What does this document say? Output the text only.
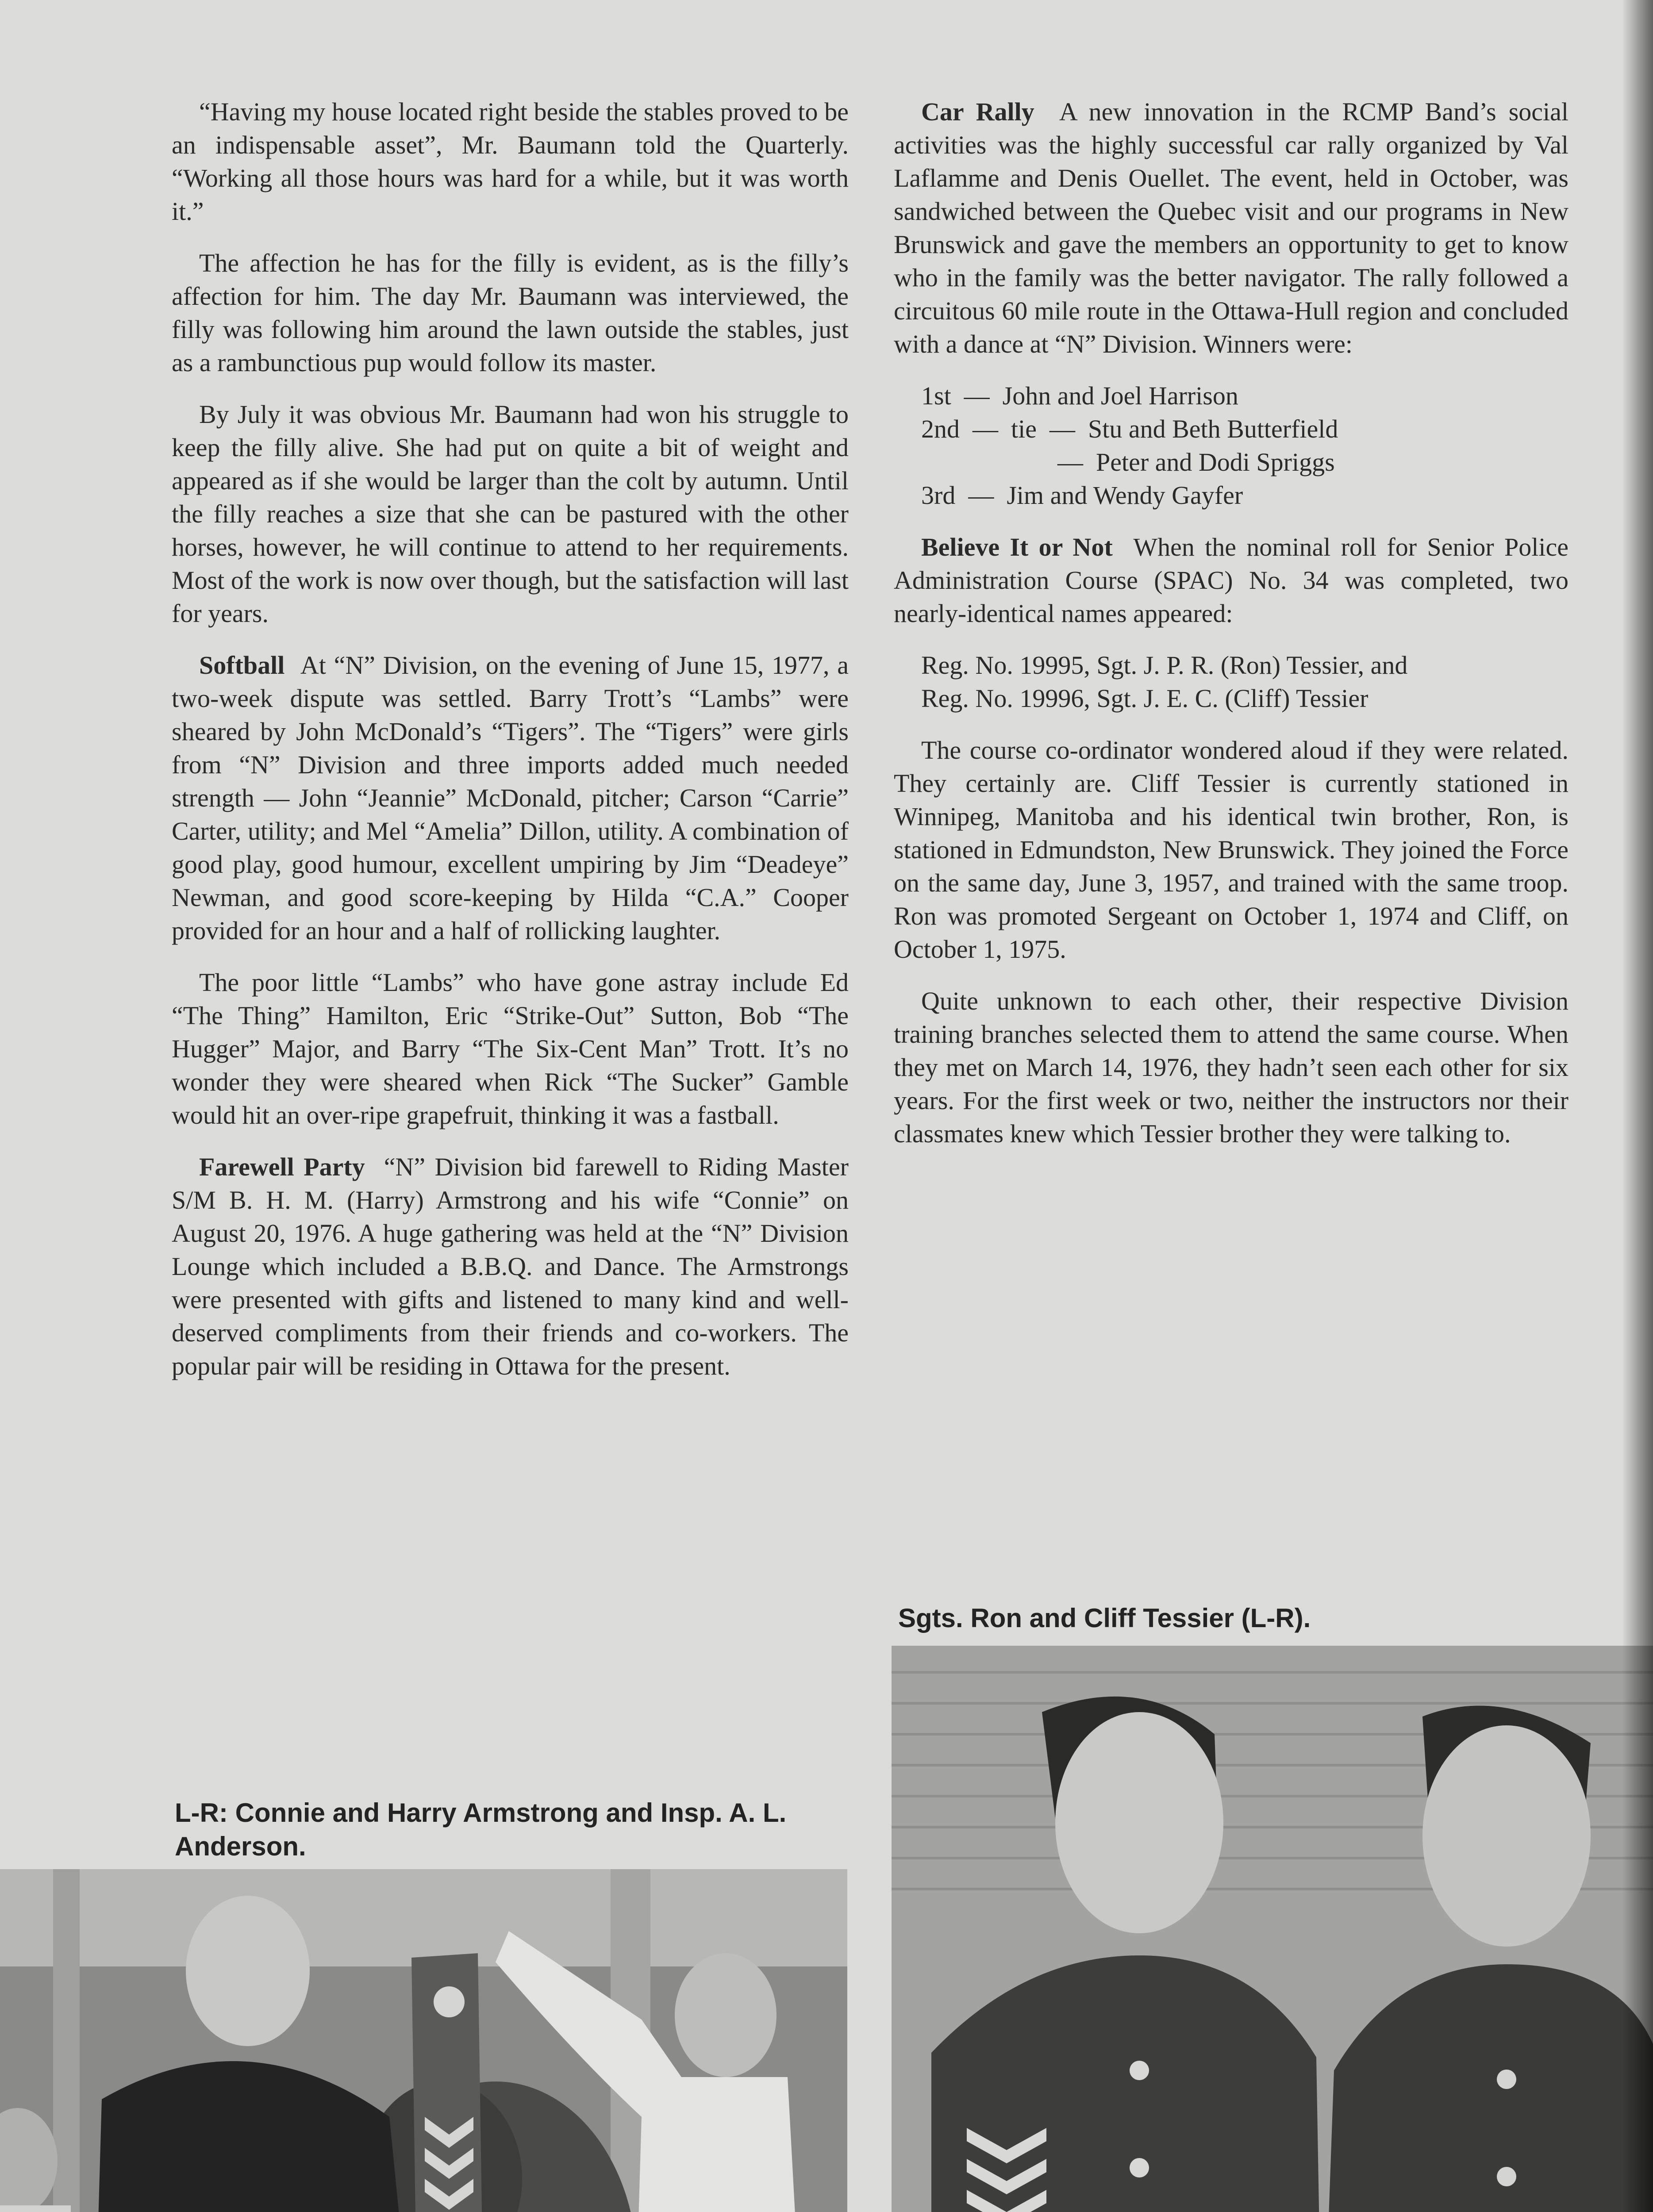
“Having my house located right beside the stables proved to be an indispensable asset”, Mr. Baumann told the Quarterly. “Working all those hours was hard for a while, but it was worth it.”

The affection he has for the filly is evident, as is the filly’s affection for him. The day Mr. Baumann was interviewed, the filly was following him around the lawn outside the stables, just as a rambunctious pup would follow its master.

By July it was obvious Mr. Baumann had won his struggle to keep the filly alive. She had put on quite a bit of weight and appeared as if she would be larger than the colt by autumn. Until the filly reaches a size that she can be pastured with the other horses, however, he will continue to attend to her requirements. Most of the work is now over though, but the satisfaction will last for years.

Softball At “N” Division, on the evening of June 15, 1977, a two-week dispute was settled. Barry Trott’s “Lambs” were sheared by John McDonald’s “Tigers”. The “Tigers” were girls from “N” Division and three imports added much needed strength — John “Jeannie” McDonald, pitcher; Carson “Carrie” Carter, utility; and Mel “Amelia” Dillon, utility. A combination of good play, good humour, excellent umpiring by Jim “Deadeye” Newman, and good score-keeping by Hilda “C.A.” Cooper provided for an hour and a half of rollicking laughter.

The poor little “Lambs” who have gone astray include Ed “The Thing” Hamilton, Eric “Strike-Out” Sutton, Bob “The Hugger” Major, and Barry “The Six-Cent Man” Trott. It’s no wonder they were sheared when Rick “The Sucker” Gamble would hit an over-ripe grapefruit, thinking it was a fastball.

Farewell Party “N” Division bid farewell to Riding Master S/M B. H. M. (Harry) Armstrong and his wife “Connie” on August 20, 1976. A huge gathering was held at the “N” Division Lounge which included a B.B.Q. and Dance. The Armstrongs were presented with gifts and listened to many kind and well-deserved compliments from their friends and co-workers. The popular pair will be residing in Ottawa for the present.

Car Rally A new innovation in the RCMP Band’s social activities was the highly successful car rally organized by Val Laflamme and Denis Ouellet. The event, held in October, was sandwiched between the Quebec visit and our programs in New Brunswick and gave the members an opportunity to get to know who in the family was the better navigator. The rally followed a circuitous 60 mile route in the Ottawa-Hull region and concluded with a dance at “N” Division. Winners were:

1st  —  John and Joel Harrison
2nd  —  tie  —  Stu and Beth Butterfield
—  Peter and Dodi Spriggs
3rd  —  Jim and Wendy Gayfer

Believe It or Not When the nominal roll for Senior Police Administration Course (SPAC) No. 34 was completed, two nearly-identical names appeared:

Reg. No. 19995, Sgt. J. P. R. (Ron) Tessier, and
Reg. No. 19996, Sgt. J. E. C. (Cliff) Tessier

The course co-ordinator wondered aloud if they were related. They certainly are. Cliff Tessier is currently stationed in Winnipeg, Manitoba and his identical twin brother, Ron, is stationed in Edmundston, New Brunswick. They joined the Force on the same day, June 3, 1957, and trained with the same troop. Ron was promoted Sergeant on October 1, 1974 and Cliff, on October 1, 1975.

Quite unknown to each other, their respective Division training branches selected them to attend the same course. When they met on March 14, 1976, they hadn’t seen each other for six years. For the first week or two, neither the instructors nor their classmates knew which Tessier brother they were talking to.

Sgts. Ron and Cliff Tessier (L-R).
L-R: Connie and Harry Armstrong and Insp. A. L. Anderson.
